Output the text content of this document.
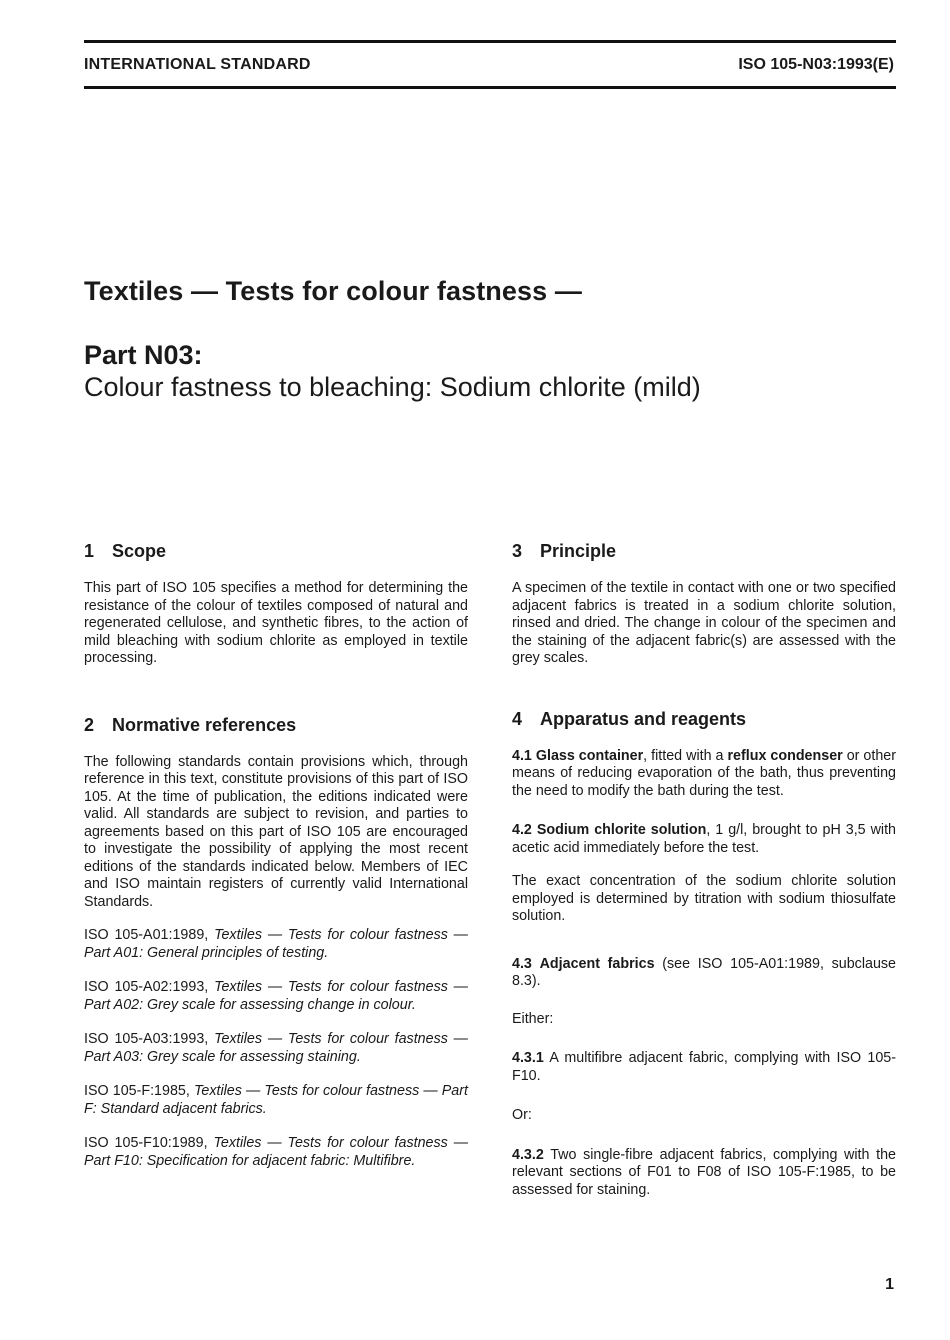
INTERNATIONAL STANDARD	ISO 105-N03:1993(E)
Textiles — Tests for colour fastness —
Part N03:
Colour fastness to bleaching: Sodium chlorite (mild)
1 Scope

This part of ISO 105 specifies a method for determining the resistance of the colour of textiles composed of natural and regenerated cellulose, and synthetic fibres, to the action of mild bleaching with sodium chlorite as employed in textile processing.

2 Normative references

The following standards contain provisions which, through reference in this text, constitute provisions of this part of ISO 105. At the time of publication, the editions indicated were valid. All standards are subject to revision, and parties to agreements based on this part of ISO 105 are encouraged to investigate the possibility of applying the most recent editions of the standards indicated below. Members of IEC and ISO maintain registers of currently valid International Standards.

ISO 105-A01:1989, Textiles — Tests for colour fastness — Part A01: General principles of testing.
ISO 105-A02:1993, Textiles — Tests for colour fastness — Part A02: Grey scale for assessing change in colour.
ISO 105-A03:1993, Textiles — Tests for colour fastness — Part A03: Grey scale for assessing staining.
ISO 105-F:1985, Textiles — Tests for colour fastness — Part F: Standard adjacent fabrics.
ISO 105-F10:1989, Textiles — Tests for colour fastness — Part F10: Specification for adjacent fabric: Multifibre.
3 Principle

A specimen of the textile in contact with one or two specified adjacent fabrics is treated in a sodium chlorite solution, rinsed and dried. The change in colour of the specimen and the staining of the adjacent fabric(s) are assessed with the grey scales.

4 Apparatus and reagents

4.1 Glass container, fitted with a reflux condenser or other means of reducing evaporation of the bath, thus preventing the need to modify the bath during the test.

4.2 Sodium chlorite solution, 1 g/l, brought to pH 3,5 with acetic acid immediately before the test.

The exact concentration of the sodium chlorite solution employed is determined by titration with sodium thiosulfate solution.

4.3 Adjacent fabrics (see ISO 105-A01:1989, subclause 8.3).

Either:

4.3.1 A multifibre adjacent fabric, complying with ISO 105-F10.

Or:

4.3.2 Two single-fibre adjacent fabrics, complying with the relevant sections of F01 to F08 of ISO 105-F:1985, to be assessed for staining.

1
